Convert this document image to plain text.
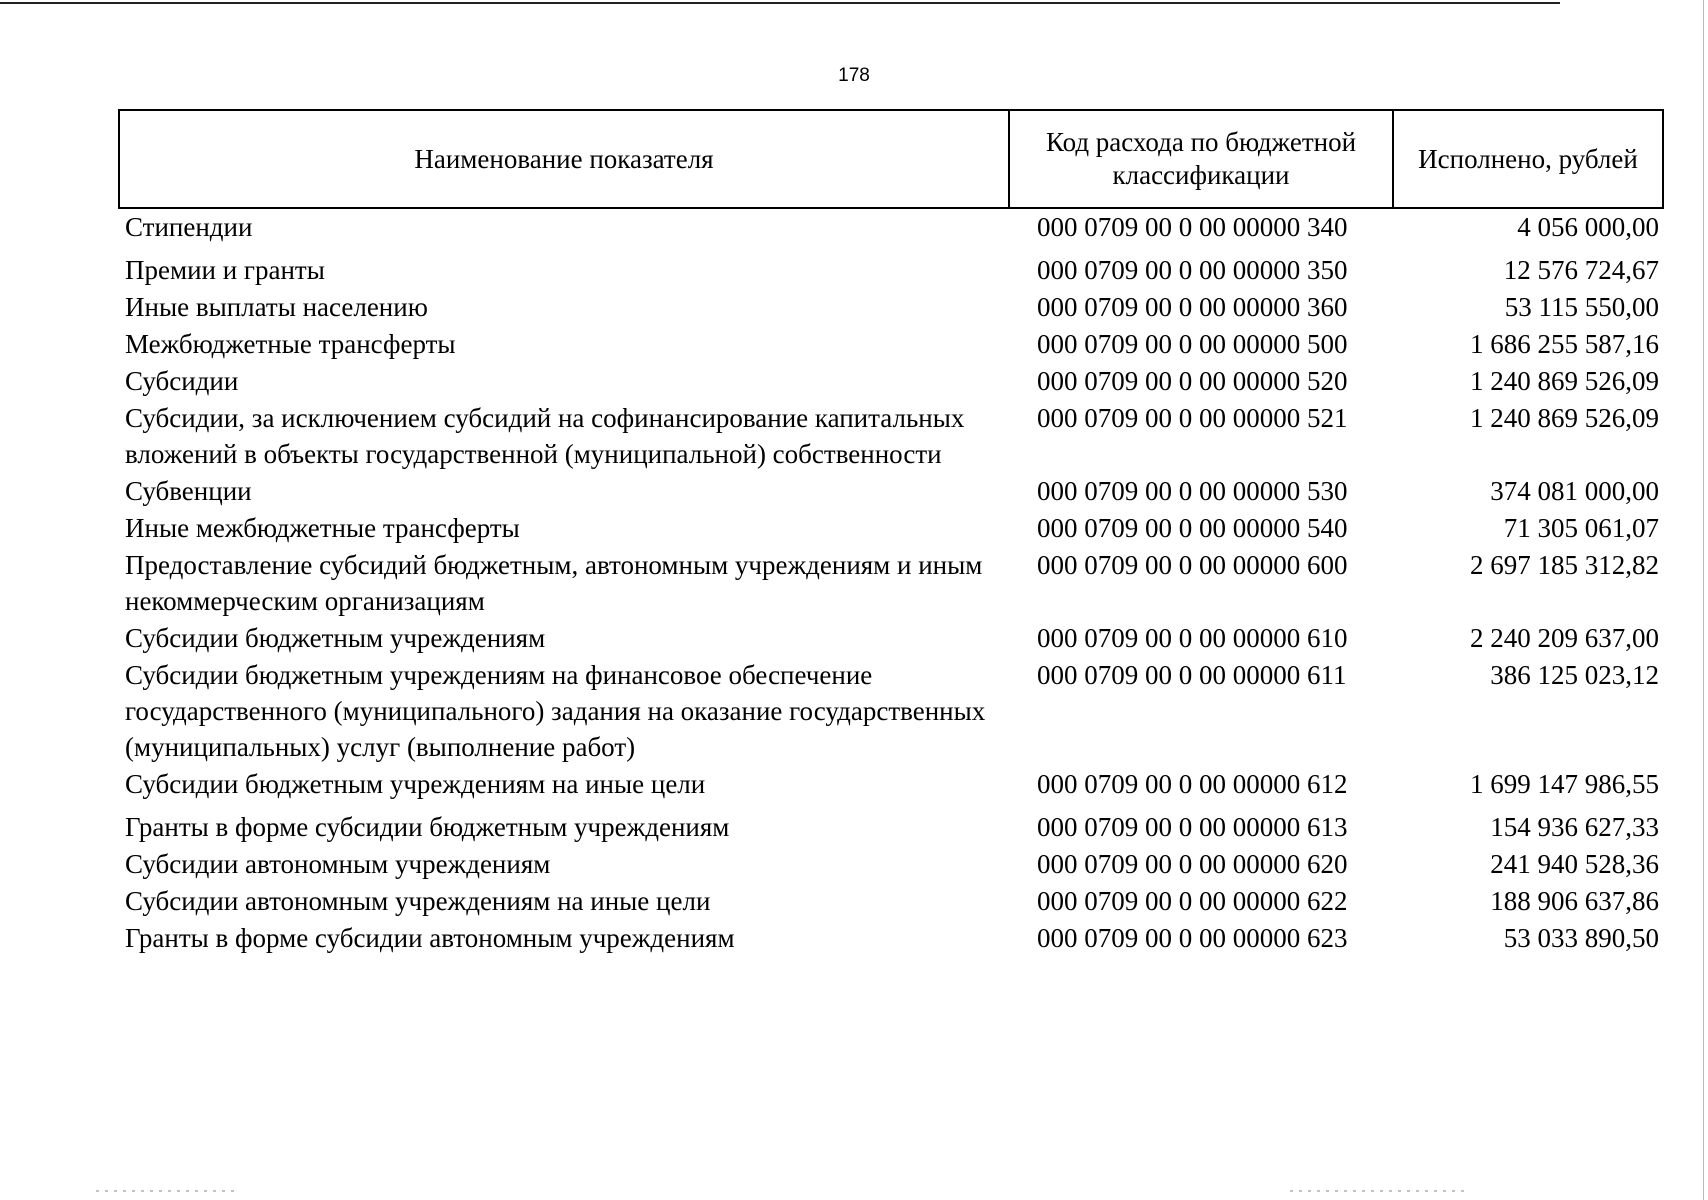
178
Наименование показателя	Код расхода по бюджетной классификации	Исполнено, рублей
Стипендии	000 0709 00 0 00 00000 340	4 056 000,00
Премии и гранты	000 0709 00 0 00 00000 350	12 576 724,67
Иные выплаты населению	000 0709 00 0 00 00000 360	53 115 550,00
Межбюджетные трансферты	000 0709 00 0 00 00000 500	1 686 255 587,16
Субсидии	000 0709 00 0 00 00000 520	1 240 869 526,09
Субсидии, за исключением субсидий на софинансирование капитальных вложений в объекты государственной (муниципальной) собственности	000 0709 00 0 00 00000 521	1 240 869 526,09
Субвенции	000 0709 00 0 00 00000 530	374 081 000,00
Иные межбюджетные трансферты	000 0709 00 0 00 00000 540	71 305 061,07
Предоставление субсидий бюджетным, автономным учреждениям и иным некоммерческим организациям	000 0709 00 0 00 00000 600	2 697 185 312,82
Субсидии бюджетным учреждениям	000 0709 00 0 00 00000 610	2 240 209 637,00
Субсидии бюджетным учреждениям на финансовое обеспечение государственного (муниципального) задания на оказание государственных (муниципальных) услуг (выполнение работ)	000 0709 00 0 00 00000 611	386 125 023,12
Субсидии бюджетным учреждениям на иные цели	000 0709 00 0 00 00000 612	1 699 147 986,55
Гранты в форме субсидии бюджетным учреждениям	000 0709 00 0 00 00000 613	154 936 627,33
Субсидии автономным учреждениям	000 0709 00 0 00 00000 620	241 940 528,36
Субсидии автономным учреждениям на иные цели	000 0709 00 0 00 00000 622	188 906 637,86
Гранты в форме субсидии автономным учреждениям	000 0709 00 0 00 00000 623	53 033 890,50
